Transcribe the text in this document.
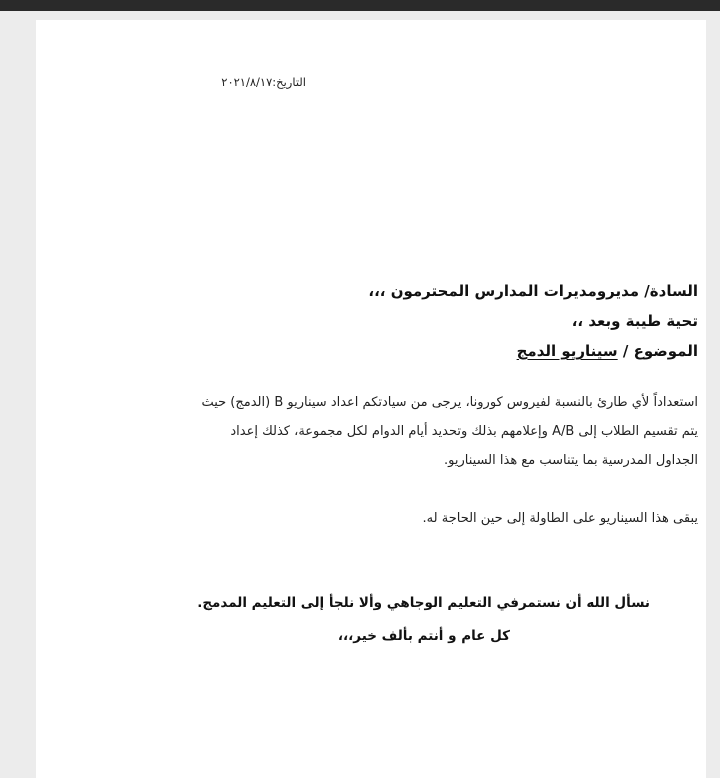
التاريخ:٢٠٢١/٨/١٧
السادة/ مديرومديرات المدارس المحترمون ،،،
تحية طيبة وبعد ،،
الموضوع / سيناريو الدمج
استعداداً لأي طارئ بالنسبة لفيروس كورونا، يرجى من سيادتكم اعداد سيناريو B (الدمج) حيث
يتم تقسيم الطلاب إلى A/B وإعلامهم بذلك وتحديد أيام الدوام لكل مجموعة، كذلك إعداد
الجداول المدرسية بما يتناسب مع هذا السيناريو.
يبقى هذا السيناريو على الطاولة إلى حين الحاجة له.
نسأل الله أن نستمرفي التعليم الوجاهي وألا نلجأ إلى التعليم المدمج.
كل عام و أنتم بألف خير،،،
